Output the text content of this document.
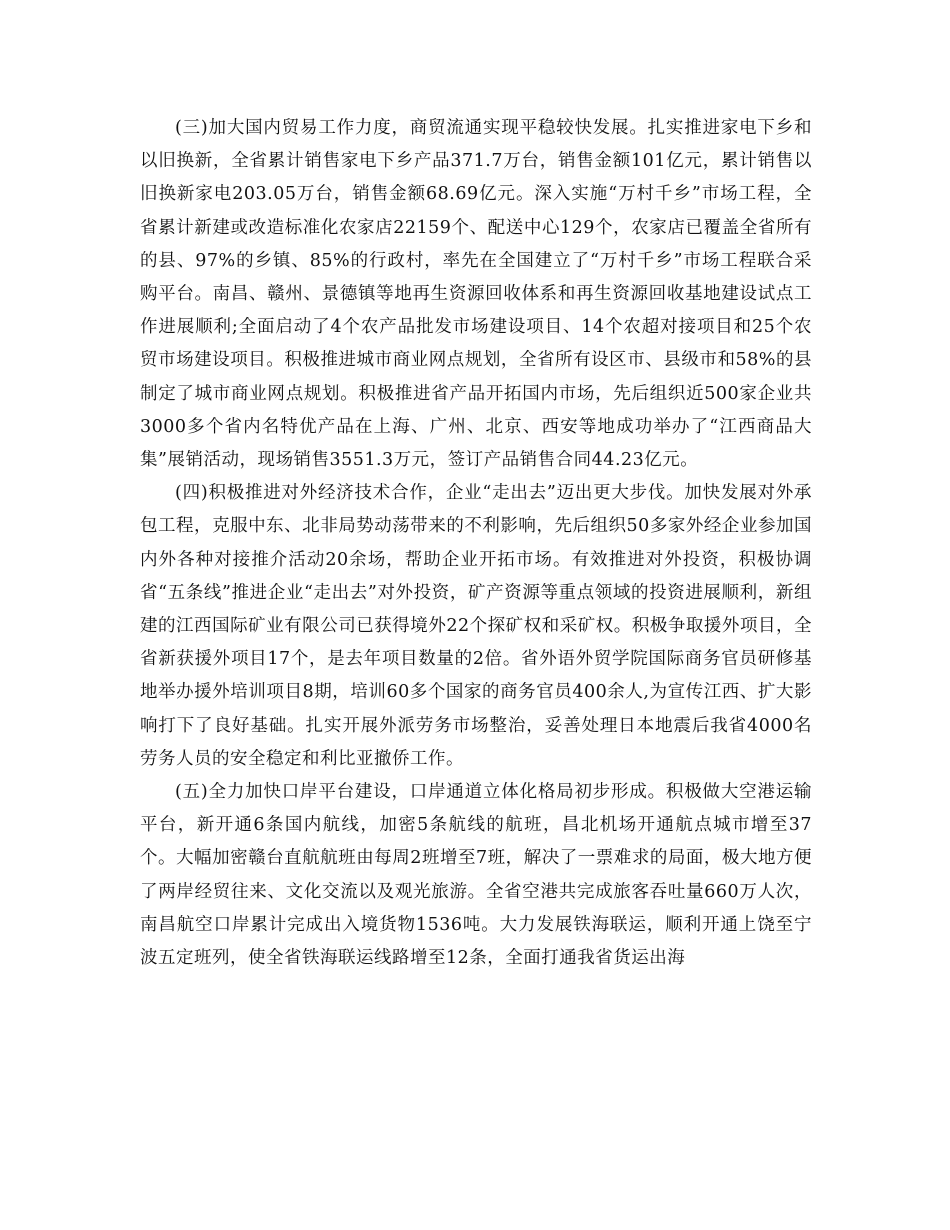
(三)加大国内贸易工作力度，商贸流通实现平稳较快发展。扎实推进家电下乡和以旧换新，全省累计销售家电下乡产品371.7万台，销售金额101亿元，累计销售以旧换新家电203.05万台，销售金额68.69亿元。深入实施“万村千乡”市场工程，全省累计新建或改造标准化农家店22159个、配送中心129个，农家店已覆盖全省所有的县、97%的乡镇、85%的行政村，率先在全国建立了“万村千乡”市场工程联合采购平台。南昌、赣州、景德镇等地再生资源回收体系和再生资源回收基地建设试点工作进展顺利;全面启动了4个农产品批发市场建设项目、14个农超对接项目和25个农贸市场建设项目。积极推进城市商业网点规划，全省所有设区市、县级市和58%的县制定了城市商业网点规划。积极推进省产品开拓国内市场，先后组织近500家企业共3000多个省内名特优产品在上海、广州、北京、西安等地成功举办了“江西商品大集”展销活动，现场销售3551.3万元，签订产品销售合同44.23亿元。

(四)积极推进对外经济技术合作，企业“走出去”迈出更大步伐。加快发展对外承包工程，克服中东、北非局势动荡带来的不利影响，先后组织50多家外经企业参加国内外各种对接推介活动20余场，帮助企业开拓市场。有效推进对外投资，积极协调省“五条线”推进企业“走出去”对外投资，矿产资源等重点领域的投资进展顺利，新组建的江西国际矿业有限公司已获得境外22个探矿权和采矿权。积极争取援外项目，全省新获援外项目17个，是去年项目数量的2倍。省外语外贸学院国际商务官员研修基地举办援外培训项目8期，培训60多个国家的商务官员400余人,为宣传江西、扩大影响打下了良好基础。扎实开展外派劳务市场整治，妥善处理日本地震后我省4000名劳务人员的安全稳定和利比亚撤侨工作。

(五)全力加快口岸平台建设，口岸通道立体化格局初步形成。积极做大空港运输平台，新开通6条国内航线，加密5条航线的航班，昌北机场开通航点城市增至37个。大幅加密赣台直航航班由每周2班增至7班，解决了一票难求的局面，极大地方便了两岸经贸往来、文化交流以及观光旅游。全省空港共完成旅客吞吐量660万人次，南昌航空口岸累计完成出入境货物1536吨。大力发展铁海联运，顺利开通上饶至宁波五定班列，使全省铁海联运线路增至12条，全面打通我省货运出海
